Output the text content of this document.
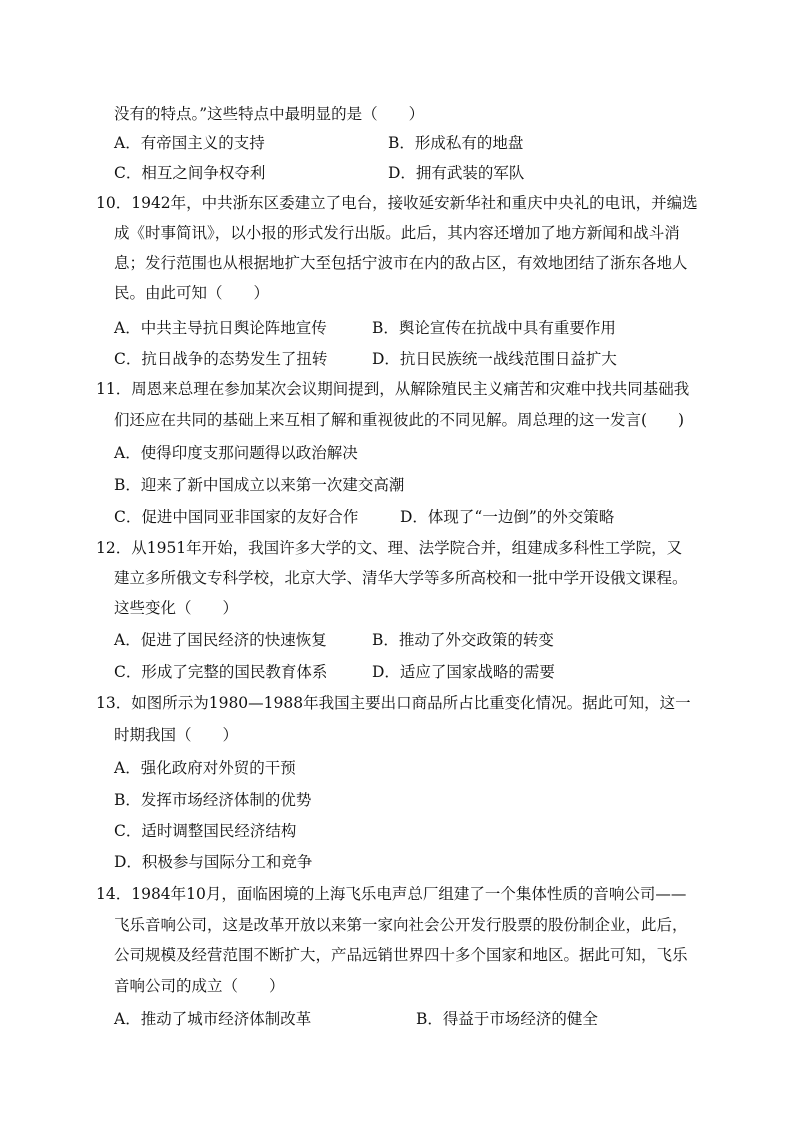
没有的特点。”这些特点中最明显的是（　　）
A．有帝国主义的支持	B．形成私有的地盘
C．相互之间争权夺利	D．拥有武装的军队
10．1942年，中共浙东区委建立了电台，接收延安新华社和重庆中央礼的电讯，并编选
成《时事简讯》，以小报的形式发行出版。此后，其内容还增加了地方新闻和战斗消
息；发行范围也从根据地扩大至包括宁波市在内的敌占区，有效地团结了浙东各地人
民。由此可知（　　）
A．中共主导抗日舆论阵地宣传	B．舆论宣传在抗战中具有重要作用
C．抗日战争的态势发生了扭转	D．抗日民族统一战线范围日益扩大
11．周恩来总理在参加某次会议期间提到，从解除殖民主义痛苦和灾难中找共同基础我
们还应在共同的基础上来互相了解和重视彼此的不同见解。周总理的这一发言(　　)
A．使得印度支那问题得以政治解决
B．迎来了新中国成立以来第一次建交高潮
C．促进中国同亚非国家的友好合作	D．体现了“一边倒”的外交策略
12．从1951年开始，我国许多大学的文、理、法学院合并，组建成多科性工学院，又
建立多所俄文专科学校，北京大学、清华大学等多所高校和一批中学开设俄文课程。
这些变化（　　）
A．促进了国民经济的快速恢复	B．推动了外交政策的转变
C．形成了完整的国民教育体系	D．适应了国家战略的需要
13．如图所示为1980—1988年我国主要出口商品所占比重变化情况。据此可知，这一
时期我国（　　）
A．强化政府对外贸的干预
B．发挥市场经济体制的优势
C．适时调整国民经济结构
D．积极参与国际分工和竞争
14．1984年10月，面临困境的上海飞乐电声总厂组建了一个集体性质的音响公司——
飞乐音响公司，这是改革开放以来第一家向社会公开发行股票的股份制企业，此后，
公司规模及经营范围不断扩大，产品远销世界四十多个国家和地区。据此可知，飞乐
音响公司的成立（　　）
A．推动了城市经济体制改革	B．得益于市场经济的健全
